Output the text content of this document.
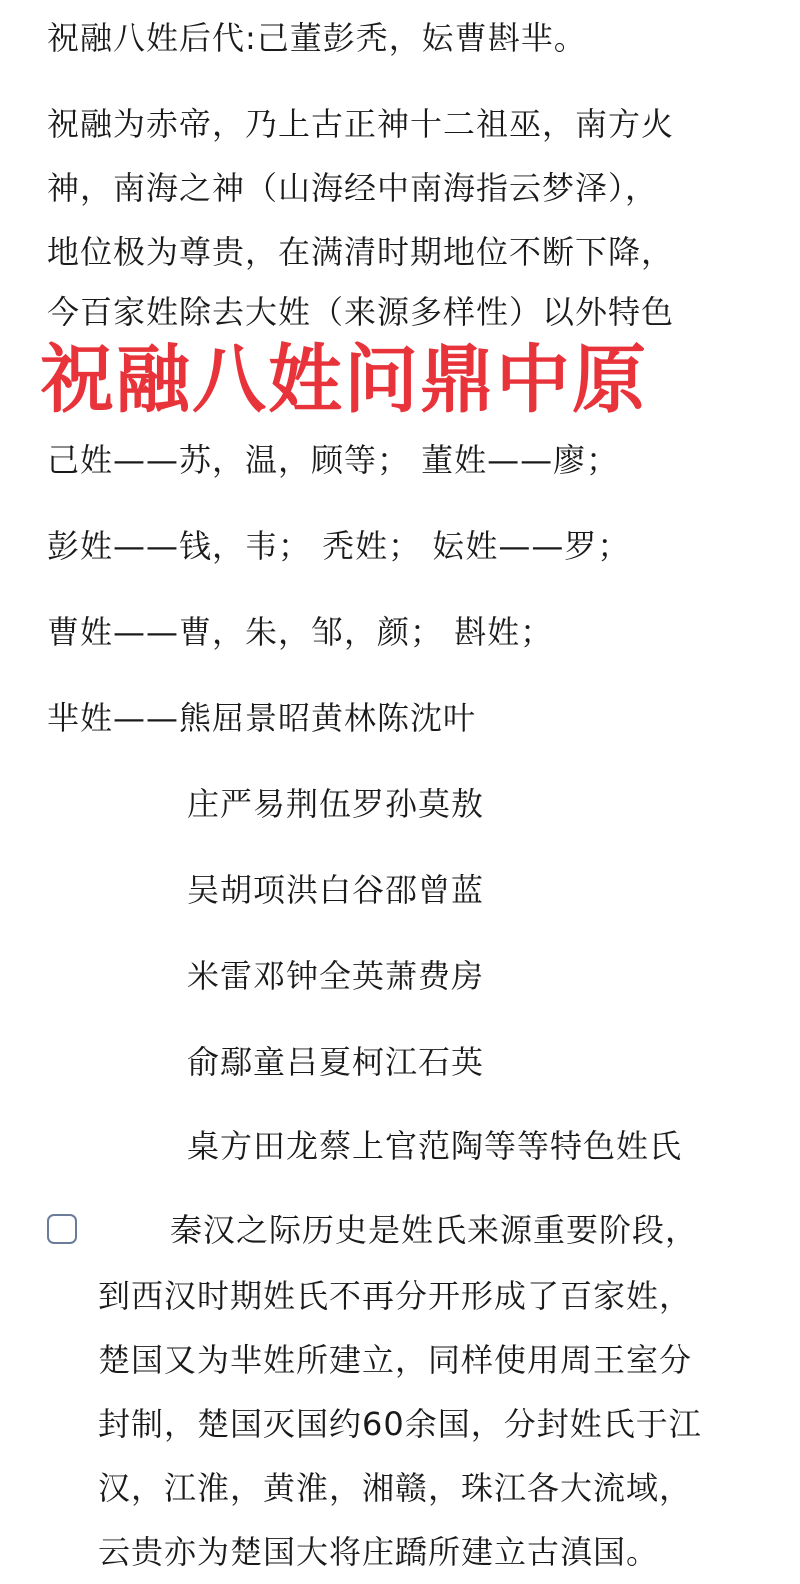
祝融八姓后代:己董彭秃，妘曹斟芈。
祝融为赤帝，乃上古正神十二祖巫，南方火
神，南海之神（山海经中南海指云梦泽），
地位极为尊贵，在满清时期地位不断下降，
今百家姓除去大姓（来源多样性）以外特色
祝融八姓问鼎中原
己姓——苏，温，顾等； 董姓——廖；
彭姓——钱，韦； 秃姓； 妘姓——罗；
曹姓——曹，朱，邹，颜； 斟姓；
芈姓——熊屈景昭黄林陈沈叶
庄严易荆伍罗孙莫敖
吴胡项洪白谷邵曾蓝
米雷邓钟全英萧费房
俞鄢童吕夏柯江石英
桌方田龙蔡上官范陶等等特色姓氏
秦汉之际历史是姓氏来源重要阶段，
到西汉时期姓氏不再分开形成了百家姓，
楚国又为芈姓所建立，同样使用周王室分
封制，楚国灭国约60余国，分封姓氏于江
汉，江淮，黄淮，湘赣，珠江各大流域，
云贵亦为楚国大将庄蹻所建立古滇国。
